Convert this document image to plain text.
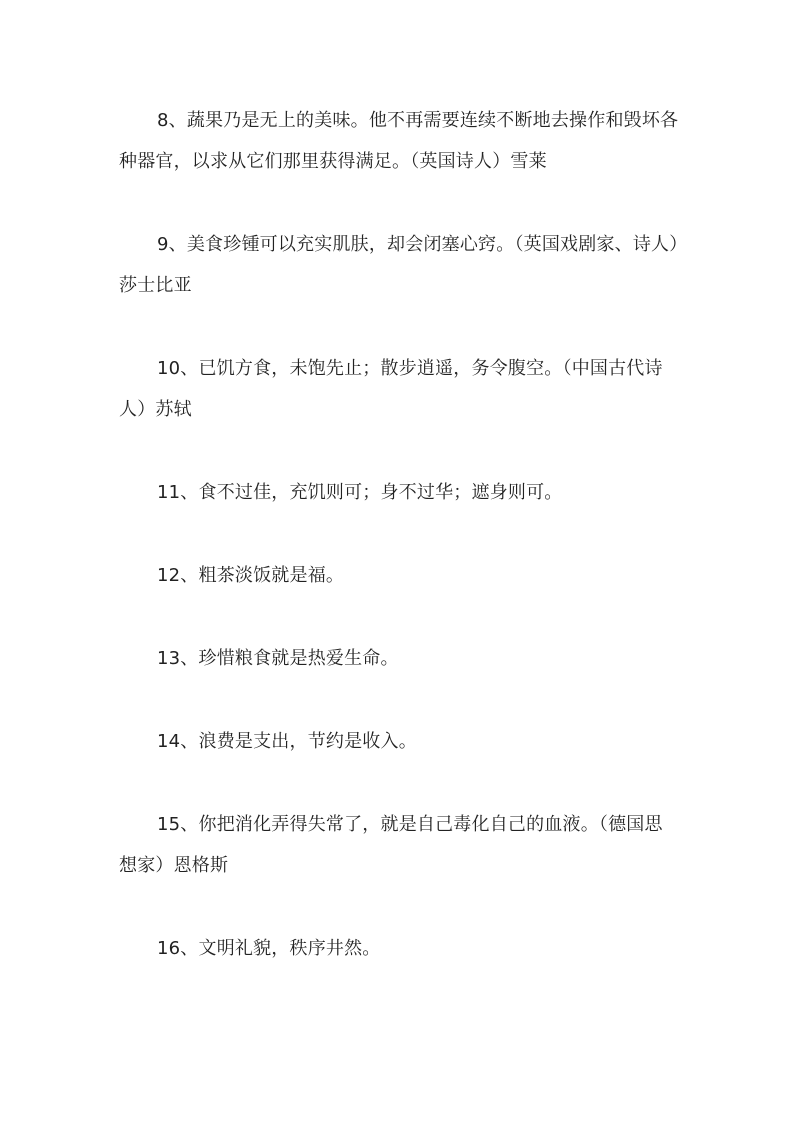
8、蔬果乃是无上的美味。他不再需要连续不断地去操作和毁坏各种器官，以求从它们那里获得满足。（英国诗人）雪莱

9、美食珍锺可以充实肌肤，却会闭塞心窍。（英国戏剧家、诗人）莎士比亚

10、已饥方食，未饱先止；散步逍遥，务令腹空。（中国古代诗人）苏轼

11、食不过佳，充饥则可；身不过华；遮身则可。

12、粗茶淡饭就是福。

13、珍惜粮食就是热爱生命。

14、浪费是支出，节约是收入。

15、你把消化弄得失常了，就是自己毒化自己的血液。（德国思想家）恩格斯

16、文明礼貌，秩序井然。
